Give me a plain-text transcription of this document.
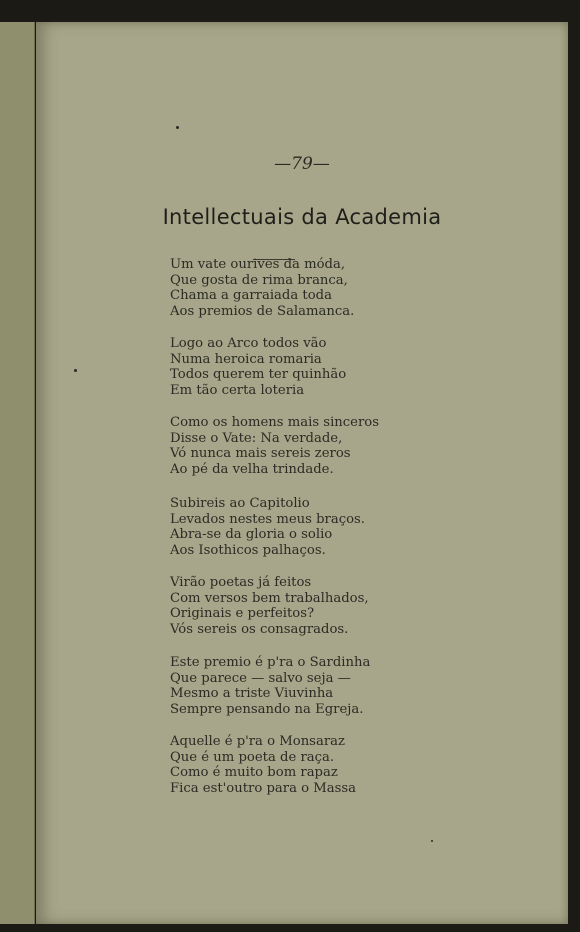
—79—
Intellectuais da Academia
Um vate ourives da móda,
Que gosta de rima branca,
Chama a garraiada toda
Aos premios de Salamanca.
Logo ao Arco todos vão
Numa heroica romaria
Todos querem ter quinhão
Em tão certa loteria
Como os homens mais sinceros
Disse o Vate: Na verdade,
Vó nunca mais sereis zeros
Ao pé da velha trindade.
Subireis ao Capitolio
Levados nestes meus braços.
Abra-se da gloria o solio
Aos Isothicos palhaços.
Virão poetas já feitos
Com versos bem trabalhados,
Originais e perfeitos?
Vós sereis os consagrados.
Este premio é p'ra o Sardinha
Que parece — salvo seja —
Mesmo a triste Viuvinha
Sempre pensando na Egreja.
Aquelle é p'ra o Monsaraz
Que é um poeta de raça.
Como é muito bom rapaz
Fica est'outro para o Massa
